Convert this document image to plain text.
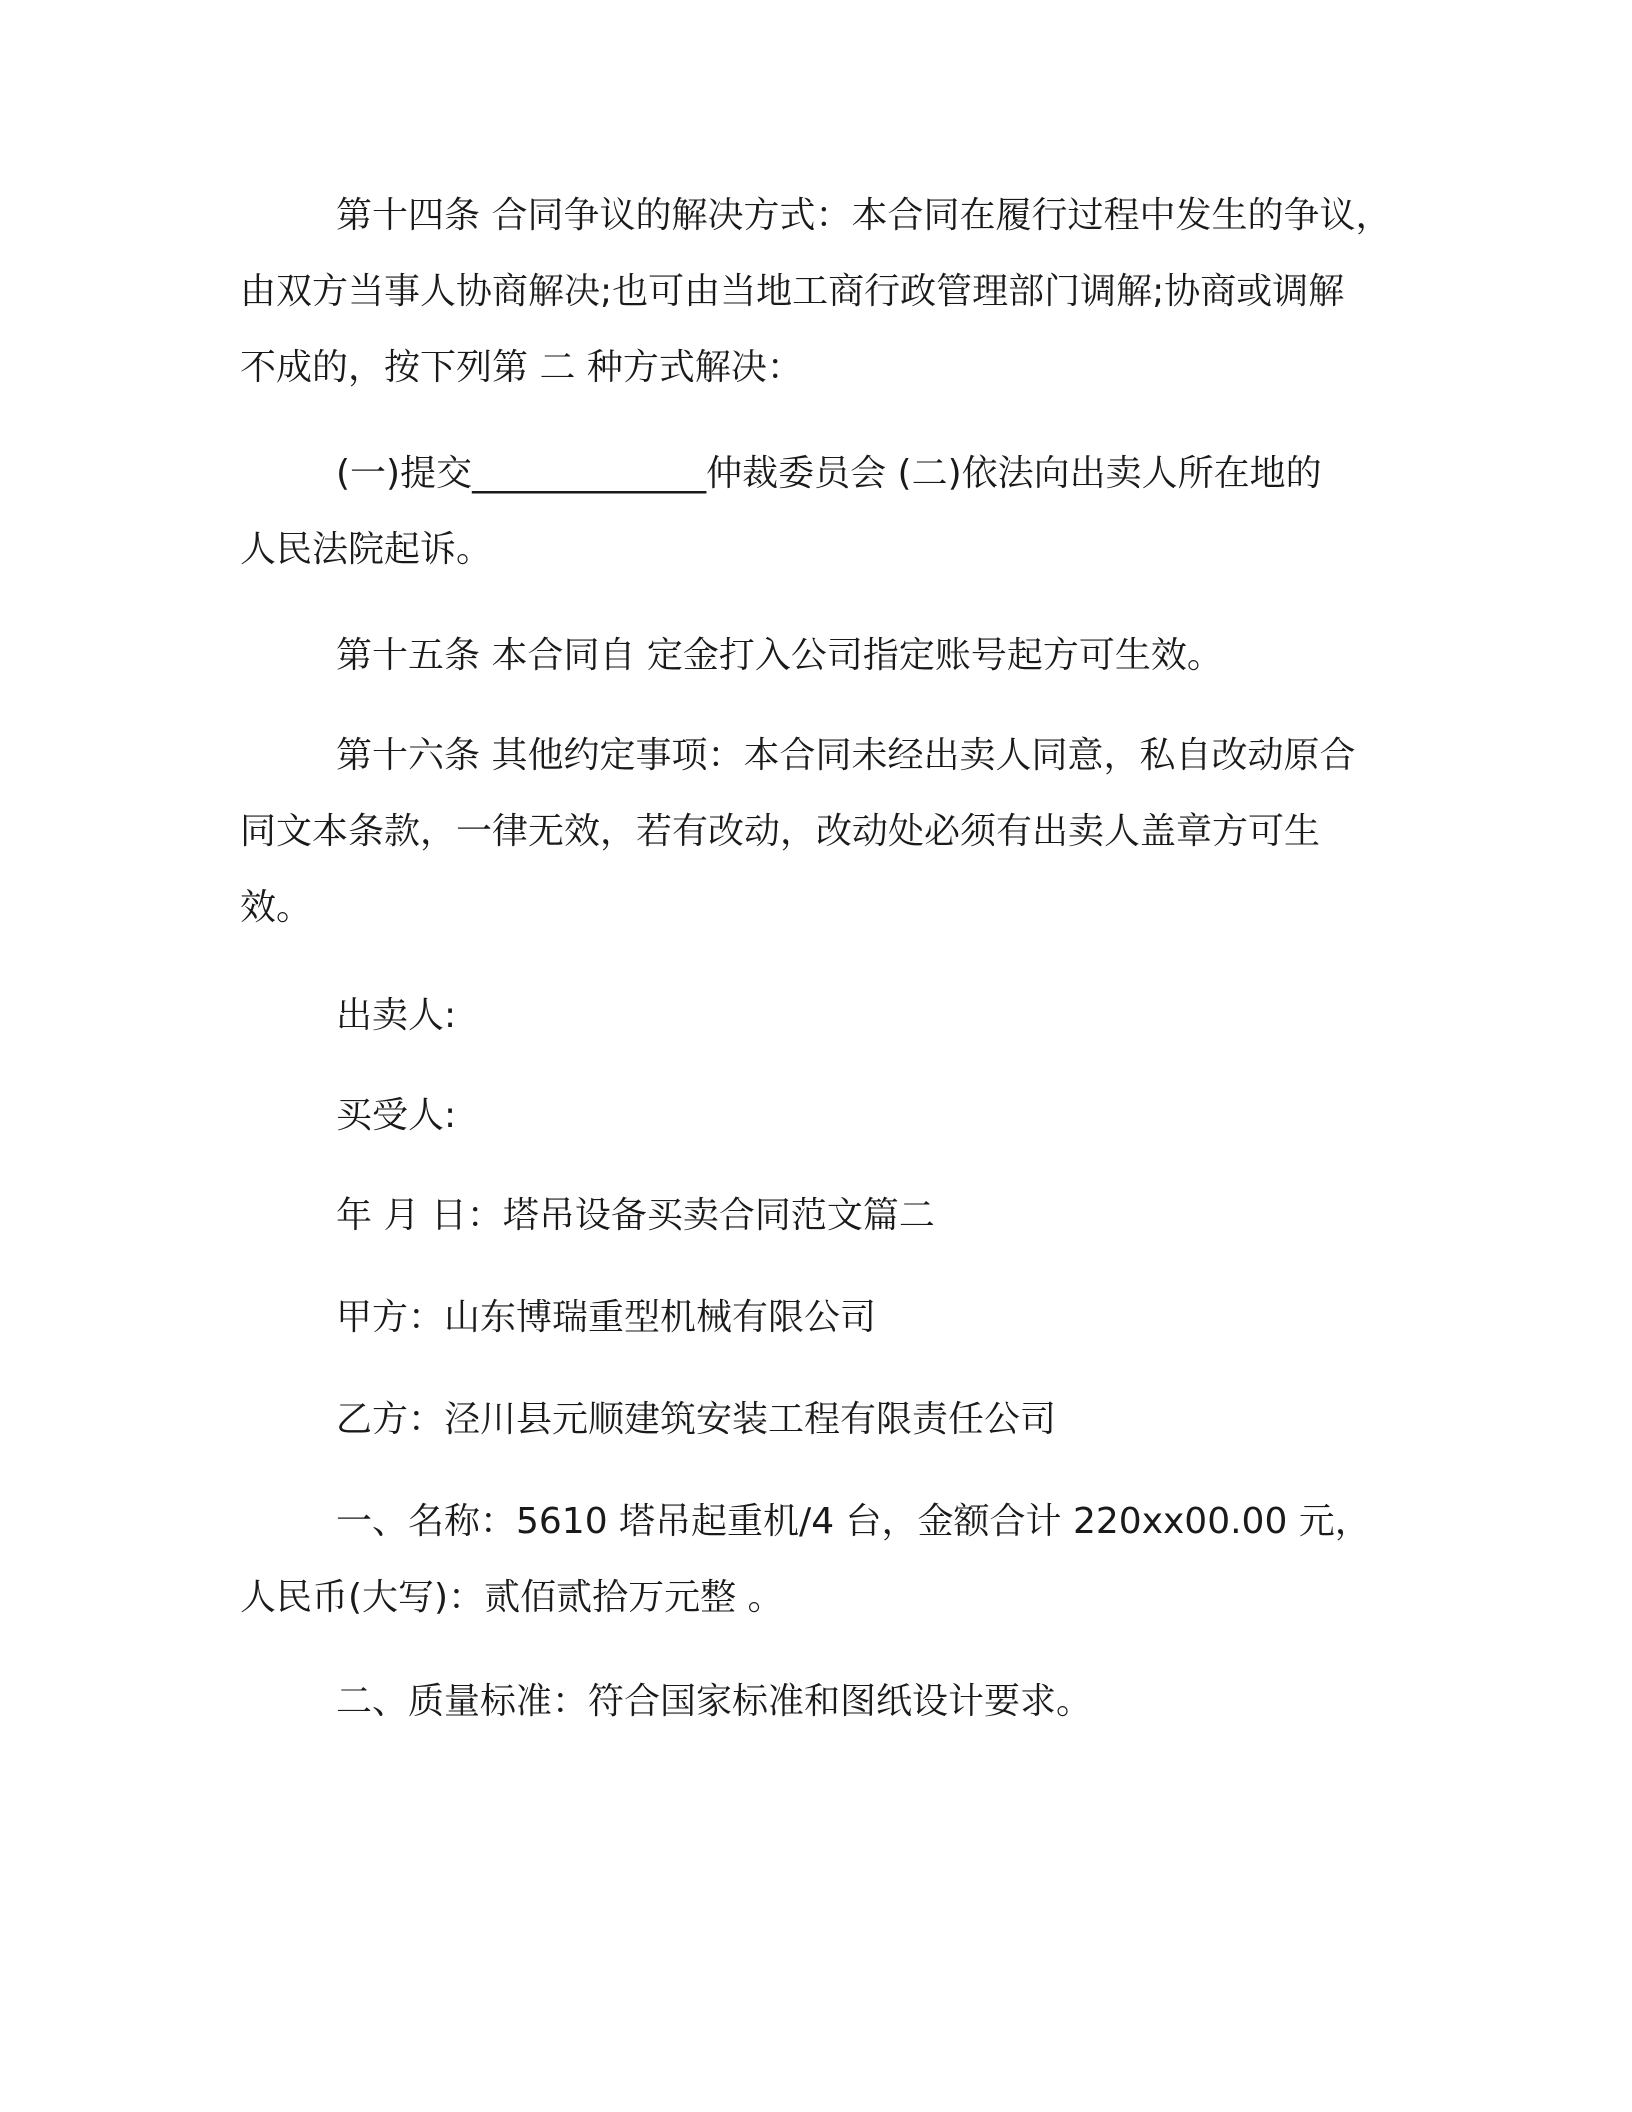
第十四条 合同争议的解决方式：本合同在履行过程中发生的争议，
由双方当事人协商解决;也可由当地工商行政管理部门调解;协商或调解
不成的，按下列第 二 种方式解决：
(一)提交_____________仲裁委员会 (二)依法向出卖人所在地的
人民法院起诉。
第十五条 本合同自 定金打入公司指定账号起方可生效。
第十六条 其他约定事项：本合同未经出卖人同意，私自改动原合
同文本条款，一律无效，若有改动，改动处必须有出卖人盖章方可生
效。
出卖人:
买受人:
年 月 日：塔吊设备买卖合同范文篇二
甲方：山东博瑞重型机械有限公司
乙方：泾川县元顺建筑安装工程有限责任公司
一、名称：5610 塔吊起重机/4 台，金额合计 220xx00.00 元，
人民币(大写)：贰佰贰拾万元整 。
二、质量标准：符合国家标准和图纸设计要求。
